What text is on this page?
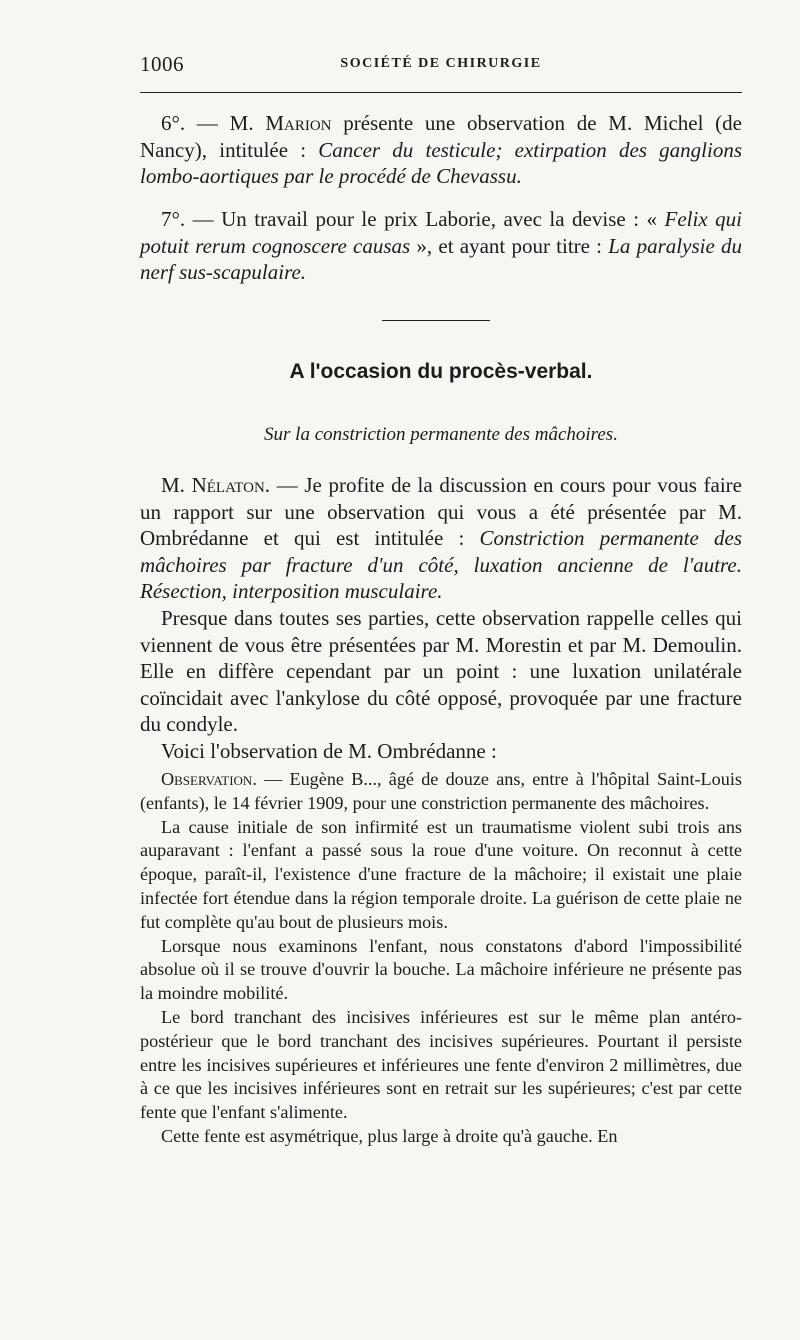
1006	SOCIÉTÉ DE CHIRURGIE

6°. — M. Marion présente une observation de M. Michel (de Nancy), intitulée : Cancer du testicule; extirpation des ganglions lombo-aortiques par le procédé de Chevassu.

7°. — Un travail pour le prix Laborie, avec la devise : « Felix qui potuit rerum cognoscere causas », et ayant pour titre : La paralysie du nerf sus-scapulaire.

A l'occasion du procès-verbal.
Sur la constriction permanente des mâchoires.

M. Nélaton. — Je profite de la discussion en cours pour vous faire un rapport sur une observation qui vous a été présentée par M. Ombrédanne et qui est intitulée : Constriction permanente des mâchoires par fracture d'un côté, luxation ancienne de l'autre. Résection, interposition musculaire.

Presque dans toutes ses parties, cette observation rappelle celles qui viennent de vous être présentées par M. Morestin et par M. Demoulin. Elle en diffère cependant par un point : une luxation unilatérale coïncidait avec l'ankylose du côté opposé, provoquée par une fracture du condyle.

Voici l'observation de M. Ombrédanne :

Observation. — Eugène B..., âgé de douze ans, entre à l'hôpital Saint-Louis (enfants), le 14 février 1909, pour une constriction permanente des mâchoires.

La cause initiale de son infirmité est un traumatisme violent subi trois ans auparavant : l'enfant a passé sous la roue d'une voiture. On reconnut à cette époque, paraît-il, l'existence d'une fracture de la mâchoire; il existait une plaie infectée fort étendue dans la région temporale droite. La guérison de cette plaie ne fut complète qu'au bout de plusieurs mois.

Lorsque nous examinons l'enfant, nous constatons d'abord l'impossibilité absolue où il se trouve d'ouvrir la bouche. La mâchoire inférieure ne présente pas la moindre mobilité.

Le bord tranchant des incisives inférieures est sur le même plan antéro-postérieur que le bord tranchant des incisives supérieures. Pourtant il persiste entre les incisives supérieures et inférieures une fente d'environ 2 millimètres, due à ce que les incisives inférieures sont en retrait sur les supérieures; c'est par cette fente que l'enfant s'alimente.

Cette fente est asymétrique, plus large à droite qu'à gauche. En
